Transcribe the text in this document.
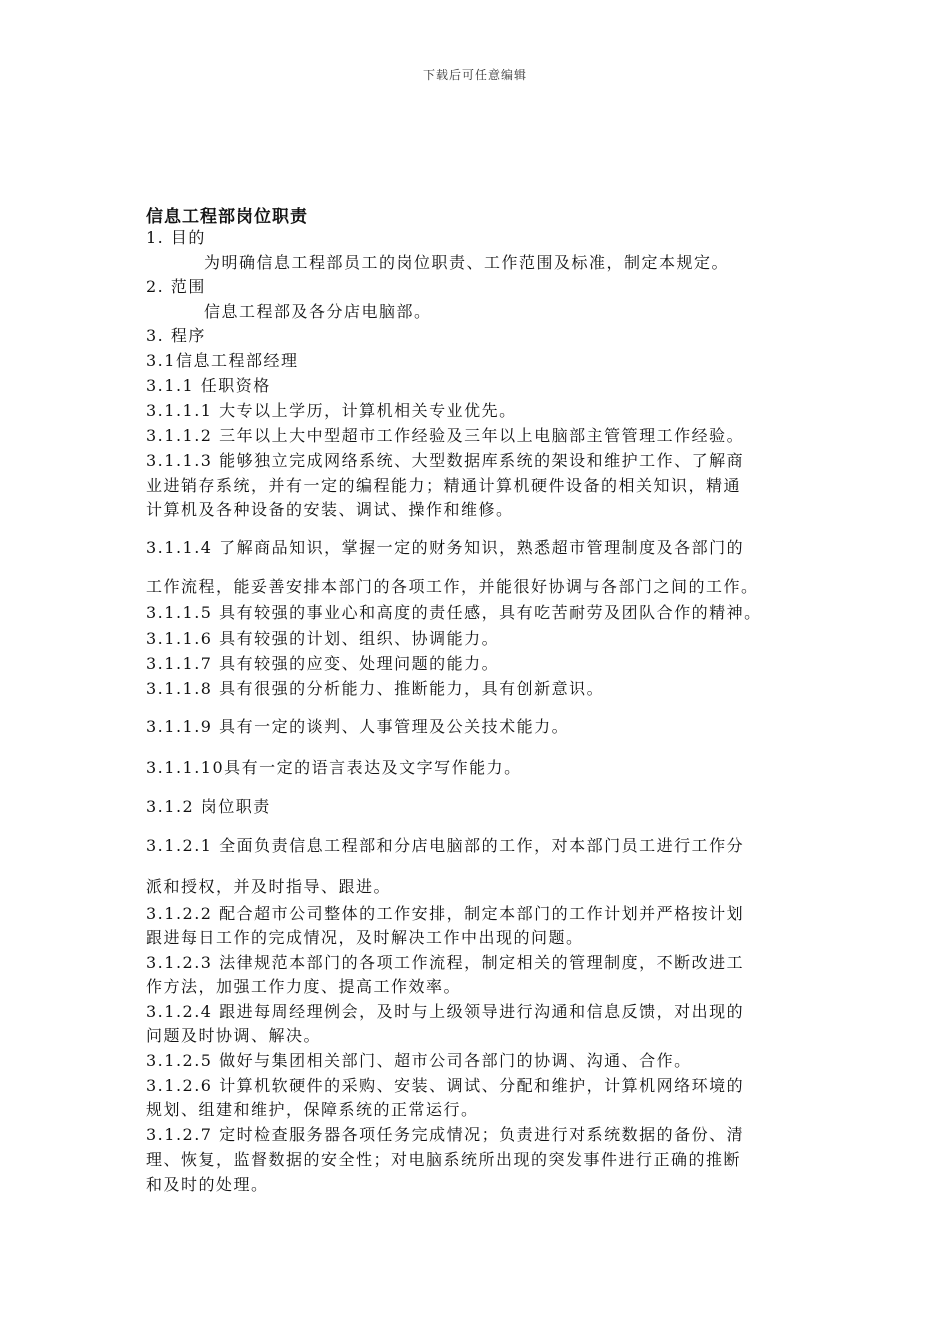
下载后可任意编辑
信息工程部岗位职责
1. 目的
为明确信息工程部员工的岗位职责、工作范围及标准，制定本规定。
2. 范围
信息工程部及各分店电脑部。
3. 程序
3.1信息工程部经理
3.1.1 任职资格
3.1.1.1 大专以上学历，计算机相关专业优先。
3.1.1.2 三年以上大中型超市工作经验及三年以上电脑部主管管理工作经验。
3.1.1.3 能够独立完成网络系统、大型数据库系统的架设和维护工作、了解商
业进销存系统，并有一定的编程能力；精通计算机硬件设备的相关知识，精通
计算机及各种设备的安装、调试、操作和维修。
3.1.1.4 了解商品知识，掌握一定的财务知识，熟悉超市管理制度及各部门的
工作流程，能妥善安排本部门的各项工作，并能很好协调与各部门之间的工作。
3.1.1.5 具有较强的事业心和高度的责任感，具有吃苦耐劳及团队合作的精神。
3.1.1.6 具有较强的计划、组织、协调能力。
3.1.1.7 具有较强的应变、处理问题的能力。
3.1.1.8 具有很强的分析能力、推断能力，具有创新意识。
3.1.1.9 具有一定的谈判、人事管理及公关技术能力。
3.1.1.10具有一定的语言表达及文字写作能力。
3.1.2 岗位职责
3.1.2.1 全面负责信息工程部和分店电脑部的工作，对本部门员工进行工作分
派和授权，并及时指导、跟进。
3.1.2.2 配合超市公司整体的工作安排，制定本部门的工作计划并严格按计划
跟进每日工作的完成情况，及时解决工作中出现的问题。
3.1.2.3 法律规范本部门的各项工作流程，制定相关的管理制度，不断改进工
作方法，加强工作力度、提高工作效率。
3.1.2.4 跟进每周经理例会，及时与上级领导进行沟通和信息反馈，对出现的
问题及时协调、解决。
3.1.2.5 做好与集团相关部门、超市公司各部门的协调、沟通、合作。
3.1.2.6 计算机软硬件的采购、安装、调试、分配和维护，计算机网络环境的
规划、组建和维护，保障系统的正常运行。
3.1.2.7 定时检查服务器各项任务完成情况；负责进行对系统数据的备份、清
理、恢复，监督数据的安全性；对电脑系统所出现的突发事件进行正确的推断
和及时的处理。
